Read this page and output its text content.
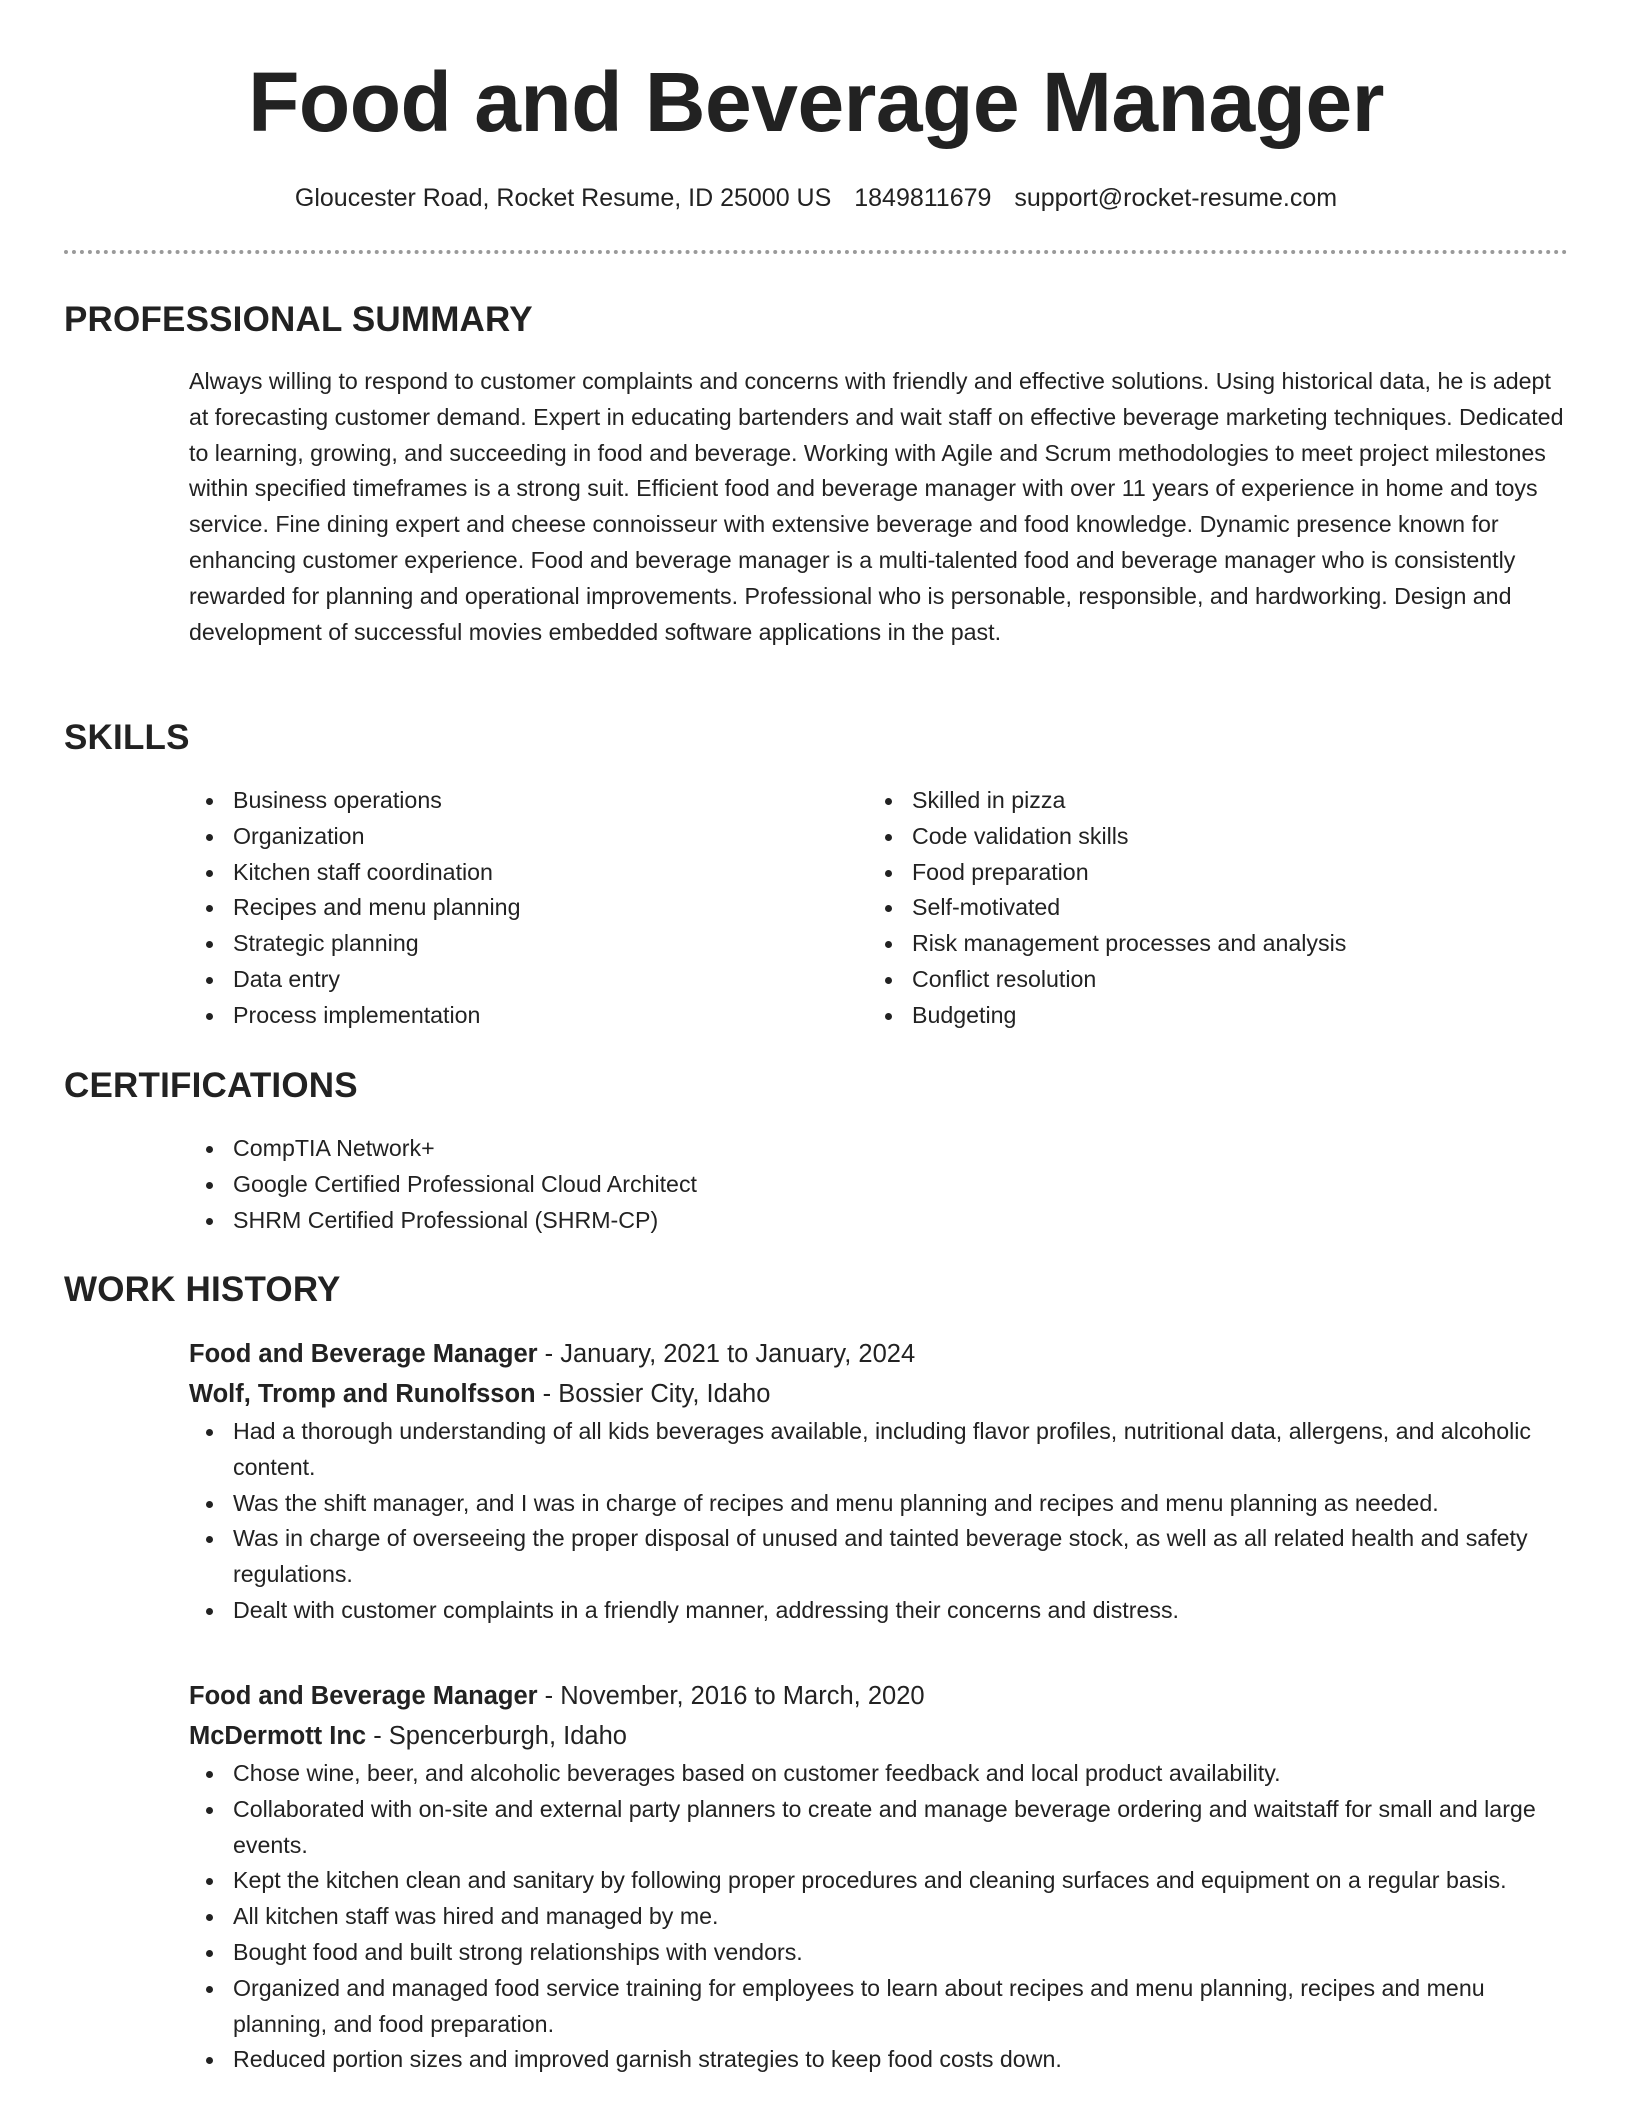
Food and Beverage Manager
Gloucester Road, Rocket Resume, ID 25000 US 1849811679 support@rocket-resume.com
PROFESSIONAL SUMMARY
Always willing to respond to customer complaints and concerns with friendly and effective solutions. Using historical data, he is adept at forecasting customer demand. Expert in educating bartenders and wait staff on effective beverage marketing techniques. Dedicated to learning, growing, and succeeding in food and beverage. Working with Agile and Scrum methodologies to meet project milestones within specified timeframes is a strong suit. Efficient food and beverage manager with over 11 years of experience in home and toys service. Fine dining expert and cheese connoisseur with extensive beverage and food knowledge. Dynamic presence known for enhancing customer experience. Food and beverage manager is a multi-talented food and beverage manager who is consistently rewarded for planning and operational improvements. Professional who is personable, responsible, and hardworking. Design and development of successful movies embedded software applications in the past.
SKILLS
Business operations
Organization
Kitchen staff coordination
Recipes and menu planning
Strategic planning
Data entry
Process implementation
Skilled in pizza
Code validation skills
Food preparation
Self-motivated
Risk management processes and analysis
Conflict resolution
Budgeting
CERTIFICATIONS
CompTIA Network+
Google Certified Professional Cloud Architect
SHRM Certified Professional (SHRM-CP)
WORK HISTORY
Food and Beverage Manager - January, 2021 to January, 2024
Wolf, Tromp and Runolfsson - Bossier City, Idaho
Had a thorough understanding of all kids beverages available, including flavor profiles, nutritional data, allergens, and alcoholic content.
Was the shift manager, and I was in charge of recipes and menu planning and recipes and menu planning as needed.
Was in charge of overseeing the proper disposal of unused and tainted beverage stock, as well as all related health and safety regulations.
Dealt with customer complaints in a friendly manner, addressing their concerns and distress.
Food and Beverage Manager - November, 2016 to March, 2020
McDermott Inc - Spencerburgh, Idaho
Chose wine, beer, and alcoholic beverages based on customer feedback and local product availability.
Collaborated with on-site and external party planners to create and manage beverage ordering and waitstaff for small and large events.
Kept the kitchen clean and sanitary by following proper procedures and cleaning surfaces and equipment on a regular basis.
All kitchen staff was hired and managed by me.
Bought food and built strong relationships with vendors.
Organized and managed food service training for employees to learn about recipes and menu planning, recipes and menu planning, and food preparation.
Reduced portion sizes and improved garnish strategies to keep food costs down.
